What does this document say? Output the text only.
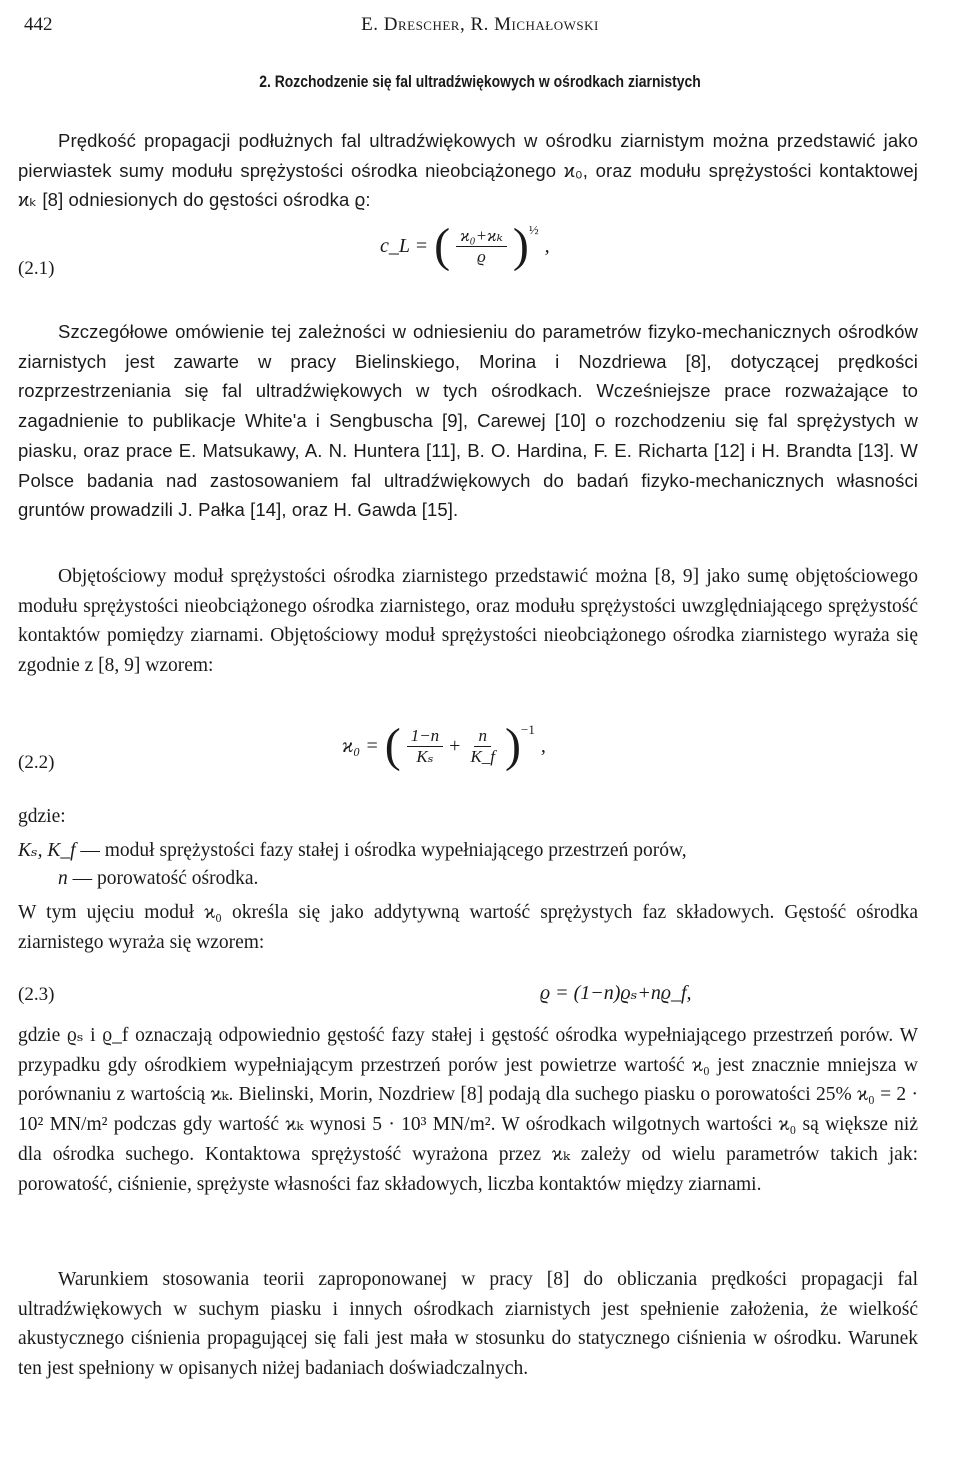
442	E. Drescher, R. Michałowski
2. Rozchodzenie się fal ultradźwiękowych w ośrodkach ziarnistych

Prędkość propagacji podłużnych fal ultradźwiękowych w ośrodku ziarnistym można przedstawić jako pierwiastek sumy modułu sprężystości ośrodka nieobciążonego ϰ₀, oraz modułu sprężystości kontaktowej ϰₖ [8] odniesionych do gęstości ośrodka ϱ:

(2.1)
c_L = ( $\frac{\text{ϰ₀+ϰₖ}}{ϱ}$ ) ½
,

Szczegółowe omówienie tej zależności w odniesieniu do parametrów fizyko-mechanicznych ośrodków ziarnistych jest zawarte w pracy Bielinskiego, Morina i Nozdriewa [8], dotyczącej prędkości rozprzestrzeniania się fal ultradźwiękowych w tych ośrodkach. Wcześniejsze prace rozważające to zagadnienie to publikacje White'a i Sengbuscha [9], Carewej [10] o rozchodzeniu się fal sprężystych w piasku, oraz prace E. Matsukawy, A. N. Huntera [11], B. O. Hardina, F. E. Richarta [12] i H. Brandta [13]. W Polsce badania nad zastosowaniem fal ultradźwiękowych do badań fizyko-mechanicznych własności gruntów prowadzili J. Pałka [14], oraz H. Gawda [15].

Objętościowy moduł sprężystości ośrodka ziarnistego przedstawić można [8, 9] jako sumę objętościowego modułu sprężystości nieobciążonego ośrodka ziarnistego, oraz modułu sprężystości uwzględniającego sprężystość kontaktów pomiędzy ziarnami. Objętościowy moduł sprężystości nieobciążonego ośrodka ziarnistego wyraża się zgodnie z [8, 9] wzorem:

(2.2)
ϰ₀ = ( $\frac{1-n}{\text{Kₛ}} + \frac{n}{K\_f}$ ) −1
,
gdzie:
Kₛ, K_f — moduł sprężystości fazy stałej i ośrodka wypełniającego przestrzeń porów,
n — porowatość ośrodka.

W tym ujęciu moduł ϰ₀ określa się jako addytywną wartość sprężystych faz składowych. Gęstość ośrodka ziarnistego wyraża się wzorem:

(2.3)	ϱ = (1−n)ϱₛ+nϱ_f,

gdzie ϱₛ i ϱ_f oznaczają odpowiednio gęstość fazy stałej i gęstość ośrodka wypełniającego przestrzeń porów. W przypadku gdy ośrodkiem wypełniającym przestrzeń porów jest powietrze wartość ϰ₀ jest znacznie mniejsza w porównaniu z wartością ϰₖ. Bielinski, Morin, Nozdriew [8] podają dla suchego piasku o porowatości 25% ϰ₀ = 2 · 10² MN/m² podczas gdy wartość ϰₖ wynosi 5 · 10³ MN/m². W ośrodkach wilgotnych wartości ϰ₀ są większe niż dla ośrodka suchego. Kontaktowa sprężystość wyrażona przez ϰₖ zależy od wielu parametrów takich jak: porowatość, ciśnienie, sprężyste własności faz składowych, liczba kontaktów między ziarnami.

Warunkiem stosowania teorii zaproponowanej w pracy [8] do obliczania prędkości propagacji fal ultradźwiękowych w suchym piasku i innych ośrodkach ziarnistych jest spełnienie założenia, że wielkość akustycznego ciśnienia propagującej się fali jest mała w stosunku do statycznego ciśnienia w ośrodku. Warunek ten jest spełniony w opisanych niżej badaniach doświadczalnych.
